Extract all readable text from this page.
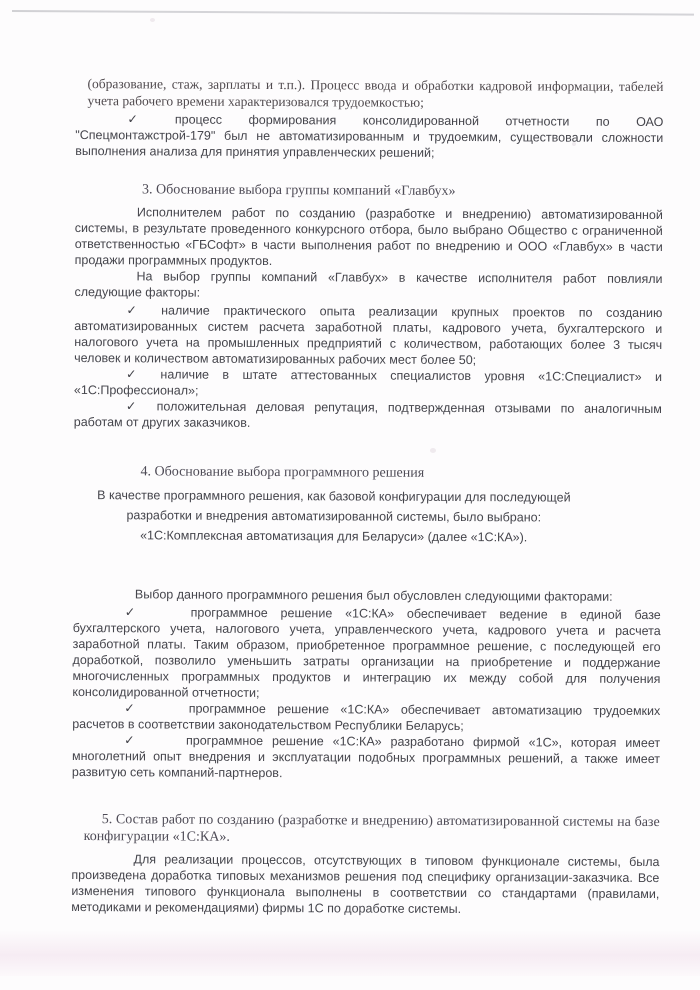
(образование, стаж, зарплаты и т.п.). Процесс ввода и обработки кадровой информации, табелей учета рабочего времени характеризовался трудоемкостью;

✓ процесс формирования консолидированной отчетности по ОАО "Спецмонтажстрой-179" был не автоматизированным и трудоемким, существовали сложности выполнения анализа для принятия управленческих решений;

3. Обоснование выбора группы компаний «Главбух»

Исполнителем работ по созданию (разработке и внедрению) автоматизированной системы, в результате проведенного конкурсного отбора, было выбрано Общество с ограниченной ответственностью «ГБСофт» в части выполнения работ по внедрению и ООО «Главбух» в части продажи программных продуктов.

На выбор группы компаний «Главбух» в качестве исполнителя работ повлияли следующие факторы:

✓ наличие практического опыта реализации крупных проектов по созданию автоматизированных систем расчета заработной платы, кадрового учета, бухгалтерского и налогового учета на промышленных предприятий с количеством, работающих более 3 тысяч человек и количеством автоматизированных рабочих мест более 50;

✓ наличие в штате аттестованных специалистов уровня «1С:Специалист» и «1С:Профессионал»;

✓ положительная деловая репутация, подтвержденная отзывами по аналогичным работам от других заказчиков.

4. Обоснование выбора программного решения

В качестве программного решения, как базовой конфигурации для последующей разработки и внедрения автоматизированной системы, было выбрано: «1С:Комплексная автоматизация для Беларуси» (далее «1С:КА»).

Выбор данного программного решения был обусловлен следующими факторами:

✓	программное решение «1С:КА» обеспечивает ведение в единой базе бухгалтерского учета, налогового учета, управленческого учета, кадрового учета и расчета заработной платы. Таким образом, приобретенное программное решение, с последующей его доработкой, позволило уменьшить затраты организации на приобретение и поддержание многочисленных программных продуктов и интеграцию их между собой для получения консолидированной отчетности;

✓	программное решение «1С:КА» обеспечивает автоматизацию трудоемких расчетов в соответствии законодательством Республики Беларусь;

✓	программное решение «1С:КА» разработано фирмой «1С», которая имеет многолетний опыт внедрения и эксплуатации подобных программных решений, а также имеет развитую сеть компаний-партнеров.

5. Состав работ по созданию (разработке и внедрению) автоматизированной системы на базе конфигурации «1С:КА».

Для реализации процессов, отсутствующих в типовом функционале системы, была произведена доработка типовых механизмов решения под специфику организации-заказчика. Все изменения типового функционала выполнены в соответствии со стандартами (правилами, методиками и рекомендациями) фирмы 1С по доработке системы.
